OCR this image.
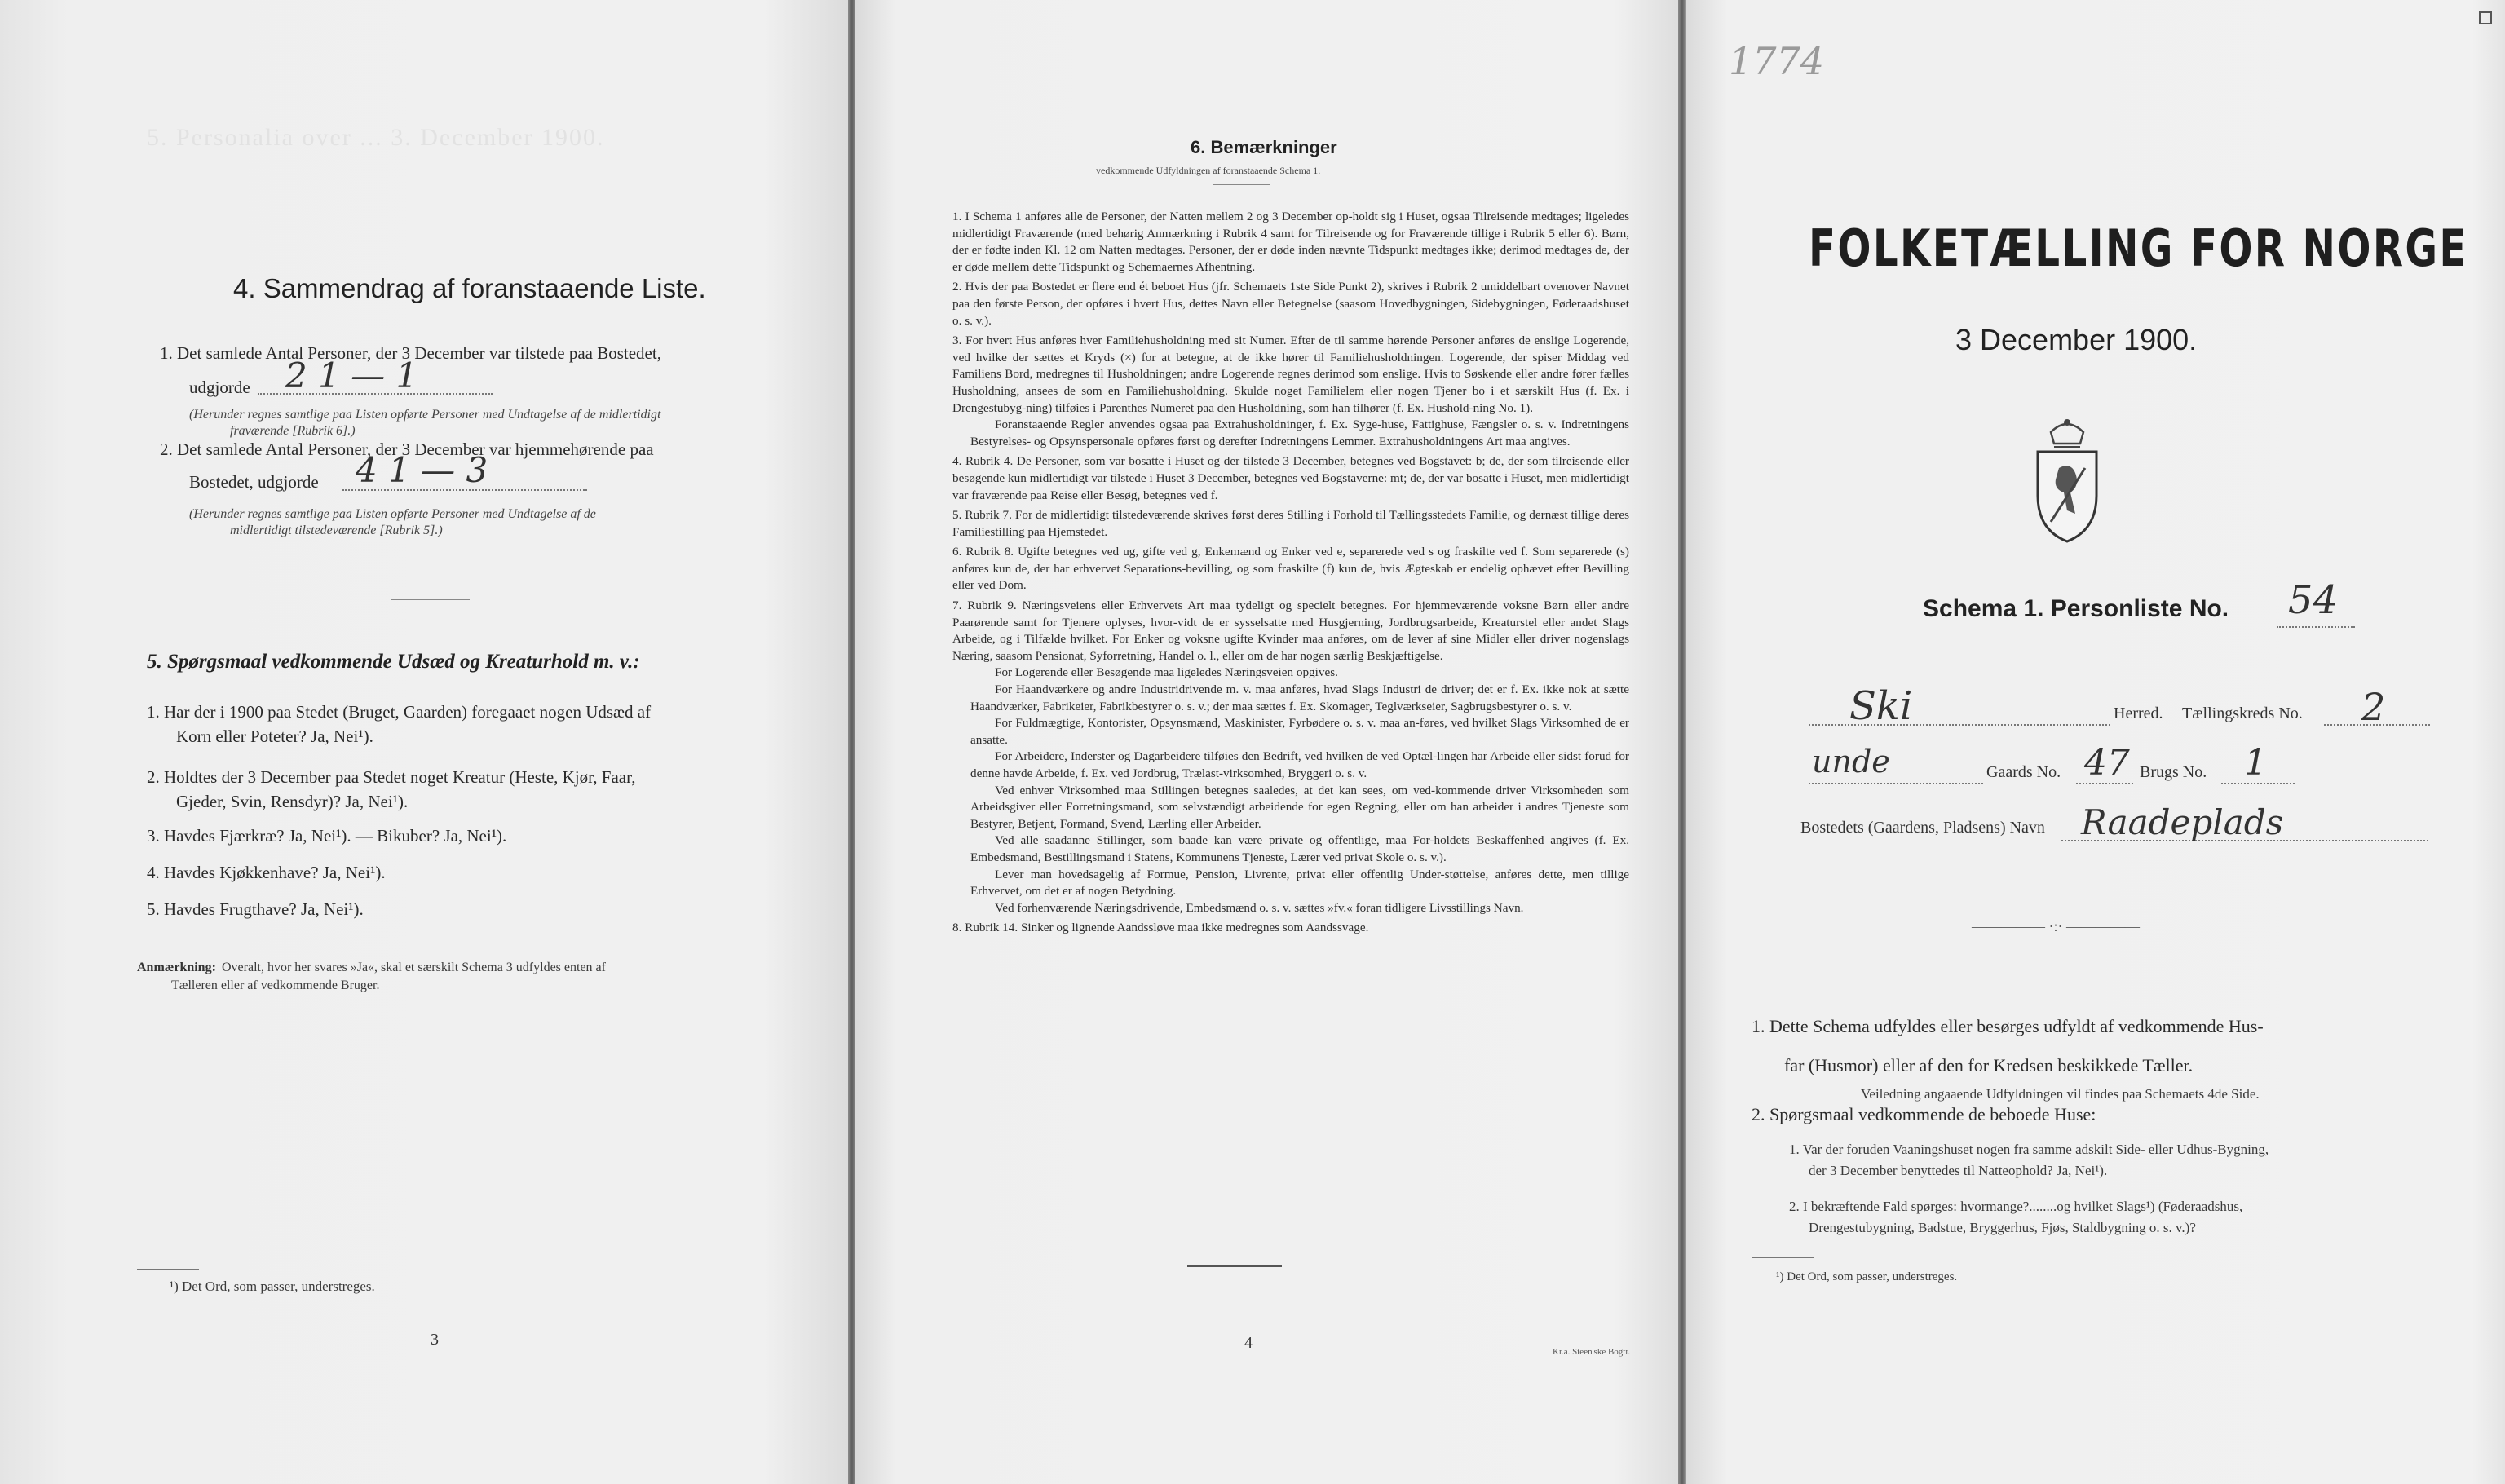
5. Personalia over ... 3. December 1900.
4. Sammendrag af foranstaaende Liste.
1. Det samlede Antal Personer, der 3 December var tilstede paa Bostedet,
udgjorde 2 1 — 1
(Herunder regnes samtlige paa Listen opførte Personer med Undtagelse af de midlertidigt
fraværende [Rubrik 6].)
2. Det samlede Antal Personer, der 3 December var hjemmehørende paa
Bostedet, udgjorde 4 1 — 3
(Herunder regnes samtlige paa Listen opførte Personer med Undtagelse af de
midlertidigt tilstedeværende [Rubrik 5].)
5. Spørgsmaal vedkommende Udsæd og Kreaturhold m. v.:
1. Har der i 1900 paa Stedet (Bruget, Gaarden) foregaaet nogen Udsæd af
Korn eller Poteter? Ja, Nei¹).
2. Holdtes der 3 December paa Stedet noget Kreatur (Heste, Kjør, Faar,
Gjeder, Svin, Rensdyr)? Ja, Nei¹).
3. Havdes Fjærkræ? Ja, Nei¹). — Bikuber? Ja, Nei¹).
4. Havdes Kjøkkenhave? Ja, Nei¹).
5. Havdes Frugthave? Ja, Nei¹).
Anmærkning: Overalt, hvor her svares »Ja«, skal et særskilt Schema 3 udfyldes enten af
Tælleren eller af vedkommende Bruger.
¹) Det Ord, som passer, understreges.
3
6. Bemærkninger
vedkommende Udfyldningen af foranstaaende Schema 1.

1. I Schema 1 anføres alle de Personer, der Natten mellem 2 og 3 December op-holdt sig i Huset, ogsaa Tilreisende medtages; ligeledes midlertidigt Fraværende (med behørig Anmærkning i Rubrik 4 samt for Tilreisende og for Fraværende tillige i Rubrik 5 eller 6). Børn, der er fødte inden Kl. 12 om Natten medtages. Personer, der er døde inden nævnte Tidspunkt medtages ikke; derimod medtages de, der er døde mellem dette Tidspunkt og Schemaernes Afhentning.

2. Hvis der paa Bostedet er flere end ét beboet Hus (jfr. Schemaets 1ste Side Punkt 2), skrives i Rubrik 2 umiddelbart ovenover Navnet paa den første Person, der opføres i hvert Hus, dettes Navn eller Betegnelse (saasom Hovedbygningen, Sidebygningen, Føderaadshuset o. s. v.).

3. For hvert Hus anføres hver Familiehusholdning med sit Numer. Efter de til samme hørende Personer anføres de enslige Logerende, ved hvilke der sættes et Kryds (×) for at betegne, at de ikke hører til Familiehusholdningen. Logerende, der spiser Middag ved Familiens Bord, medregnes til Husholdningen; andre Logerende regnes derimod som enslige. Hvis to Søskende eller andre fører fælles Husholdning, ansees de som en Familiehusholdning. Skulde noget Familielem eller nogen Tjener bo i et særskilt Hus (f. Ex. i Drengestubyg-ning) tilføies i Parenthes Numeret paa den Husholdning, som han tilhører (f. Ex. Hushold-ning No. 1).

Foranstaaende Regler anvendes ogsaa paa Extrahusholdninger, f. Ex. Syge-huse, Fattighuse, Fængsler o. s. v. Indretningens Bestyrelses- og Opsynspersonale opføres først og derefter Indretningens Lemmer. Extrahusholdningens Art maa angives.

4. Rubrik 4. De Personer, som var bosatte i Huset og der tilstede 3 December, betegnes ved Bogstavet: b; de, der som tilreisende eller besøgende kun midlertidigt var tilstede i Huset 3 December, betegnes ved Bogstaverne: mt; de, der var bosatte i Huset, men midlertidigt var fraværende paa Reise eller Besøg, betegnes ved f.

5. Rubrik 7. For de midlertidigt tilstedeværende skrives først deres Stilling i Forhold til Tællingsstedets Familie, og dernæst tillige deres Familiestilling paa Hjemstedet.

6. Rubrik 8. Ugifte betegnes ved ug, gifte ved g, Enkemænd og Enker ved e, separerede ved s og fraskilte ved f. Som separerede (s) anføres kun de, der har erhvervet Separations-bevilling, og som fraskilte (f) kun de, hvis Ægteskab er endelig ophævet efter Bevilling eller ved Dom.

7. Rubrik 9. Næringsveiens eller Erhvervets Art maa tydeligt og specielt betegnes. For hjemmeværende voksne Børn eller andre Paarørende samt for Tjenere oplyses, hvor-vidt de er sysselsatte med Husgjerning, Jordbrugsarbeide, Kreaturstel eller andet Slags Arbeide, og i Tilfælde hvilket. For Enker og voksne ugifte Kvinder maa anføres, om de lever af sine Midler eller driver nogenslags Næring, saasom Pensionat, Syforretning, Handel o. l., eller om de har nogen særlig Beskjæftigelse.

For Logerende eller Besøgende maa ligeledes Næringsveien opgives.

For Haandværkere og andre Industridrivende m. v. maa anføres, hvad Slags Industri de driver; det er f. Ex. ikke nok at sætte Haandværker, Fabrikeier, Fabrikbestyrer o. s. v.; der maa sættes f. Ex. Skomager, Teglværkseier, Sagbrugsbestyrer o. s. v.

For Fuldmægtige, Kontorister, Opsynsmænd, Maskinister, Fyrbødere o. s. v. maa an-føres, ved hvilket Slags Virksomhed de er ansatte.

For Arbeidere, Inderster og Dagarbeidere tilføies den Bedrift, ved hvilken de ved Optæl-lingen har Arbeide eller sidst forud for denne havde Arbeide, f. Ex. ved Jordbrug, Trælast-virksomhed, Bryggeri o. s. v.

Ved enhver Virksomhed maa Stillingen betegnes saaledes, at det kan sees, om ved-kommende driver Virksomheden som Arbeidsgiver eller Forretningsmand, som selvstændigt arbeidende for egen Regning, eller om han arbeider i andres Tjeneste som Bestyrer, Betjent, Formand, Svend, Lærling eller Arbeider.

Ved alle saadanne Stillinger, som baade kan være private og offentlige, maa For-holdets Beskaffenhed angives (f. Ex. Embedsmand, Bestillingsmand i Statens, Kommunens Tjeneste, Lærer ved privat Skole o. s. v.).

Lever man hovedsagelig af Formue, Pension, Livrente, privat eller offentlig Under-støttelse, anføres dette, men tillige Erhvervet, om det er af nogen Betydning.

Ved forhenværende Næringsdrivende, Embedsmænd o. s. v. sættes »fv.« foran tidligere Livsstillings Navn.

8. Rubrik 14. Sinker og lignende Aandssløve maa ikke medregnes som Aandssvage.

4	Kr.a. Steen'ske Bogtr.
1774
FOLKETÆLLING FOR NORGE
3 December 1900.
Schema 1. Personliste No. 54
Ski	Herred. Tællingskreds No. 2
unde	Gaards No. 47 Brugs No. 1
Bostedets (Gaardens, Pladsens) Navn Raadeplads
————— ·:· —————
1. Dette Schema udfyldes eller besørges udfyldt af vedkommende Hus-
far (Husmor) eller af den for Kredsen beskikkede Tæller.
Veiledning angaaende Udfyldningen vil findes paa Schemaets 4de Side.
2. Spørgsmaal vedkommende de beboede Huse:
1. Var der foruden Vaaningshuset nogen fra samme adskilt Side- eller Udhus-Bygning,
der 3 December benyttedes til Natteophold? Ja, Nei¹).
2. I bekræftende Fald spørges: hvormange?........og hvilket Slags¹) (Føderaadshus,
Drengestubygning, Badstue, Bryggerhus, Fjøs, Staldbygning o. s. v.)?
¹) Det Ord, som passer, understreges.
